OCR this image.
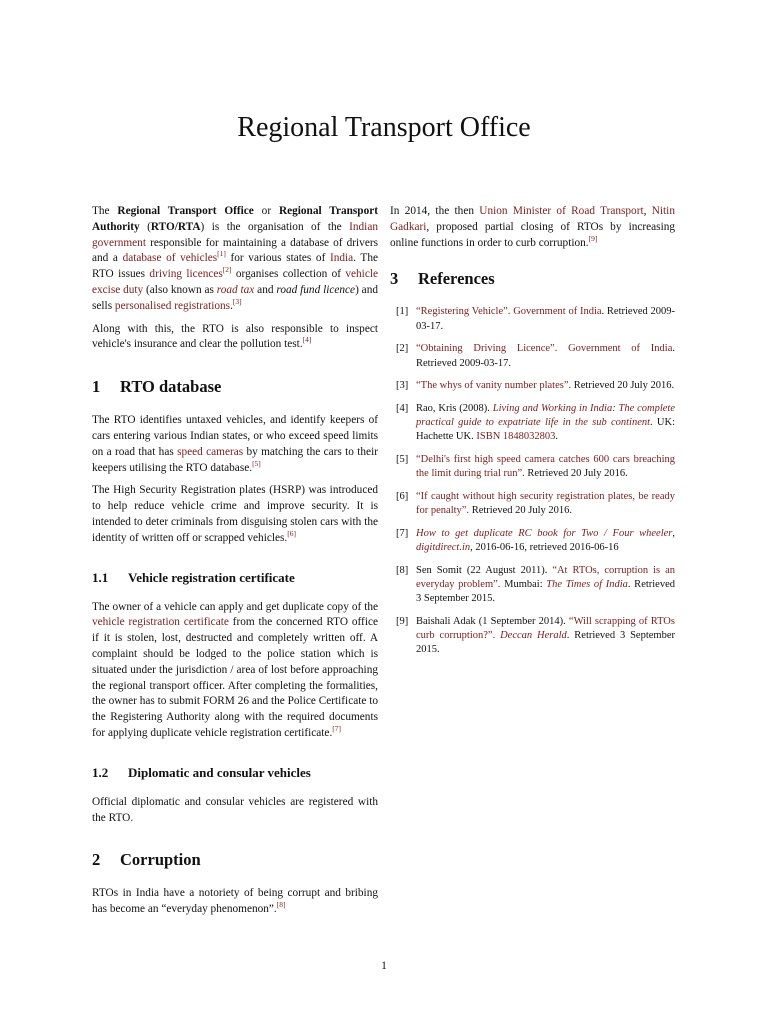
Regional Transport Office

The Regional Transport Office or Regional Transport Authority (RTO/RTA) is the organisation of the Indian government responsible for maintaining a database of drivers and a database of vehicles[1] for various states of India. The RTO issues driving licences[2] organises collection of vehicle excise duty (also known as road tax and road fund licence) and sells personalised registrations.[3]

Along with this, the RTO is also responsible to inspect vehicle's insurance and clear the pollution test.[4]

1 RTO database

The RTO identifies untaxed vehicles, and identify keepers of cars entering various Indian states, or who exceed speed limits on a road that has speed cameras by matching the cars to their keepers utilising the RTO database.[5]

The High Security Registration plates (HSRP) was introduced to help reduce vehicle crime and improve security. It is intended to deter criminals from disguising stolen cars with the identity of written off or scrapped vehicles.[6]

1.1 Vehicle registration certificate

The owner of a vehicle can apply and get duplicate copy of the vehicle registration certificate from the concerned RTO office if it is stolen, lost, destructed and completely written off. A complaint should be lodged to the police station which is situated under the jurisdiction / area of lost before approaching the regional transport officer. After completing the formalities, the owner has to submit FORM 26 and the Police Certificate to the Registering Authority along with the required documents for applying duplicate vehicle registration certificate.[7]

1.2 Diplomatic and consular vehicles

Official diplomatic and consular vehicles are registered with the RTO.

2 Corruption

RTOs in India have a notoriety of being corrupt and bribing has become an “everyday phenomenon”.[8]

In 2014, the then Union Minister of Road Transport, Nitin Gadkari, proposed partial closing of RTOs by increasing online functions in order to curb corruption.[9]

3 References
[1] “Registering Vehicle”. Government of India. Retrieved 2009-03-17.
[2] “Obtaining Driving Licence”. Government of India. Retrieved 2009-03-17.
[3] “The whys of vanity number plates”. Retrieved 20 July 2016.
[4] Rao, Kris (2008). Living and Working in India: The complete practical guide to expatriate life in the sub continent. UK: Hachette UK. ISBN 1848032803.
[5] “Delhi's first high speed camera catches 600 cars breaching the limit during trial run”. Retrieved 20 July 2016.
[6] “If caught without high security registration plates, be ready for penalty”. Retrieved 20 July 2016.
[7] How to get duplicate RC book for Two / Four wheeler, digitdirect.in, 2016-06-16, retrieved 2016-06-16
[8] Sen Somit (22 August 2011). “At RTOs, corruption is an everyday problem”. Mumbai: The Times of India. Retrieved 3 September 2015.
[9] Baishali Adak (1 September 2014). “Will scrapping of RTOs curb corruption?”. Deccan Herald. Retrieved 3 September 2015.
1
